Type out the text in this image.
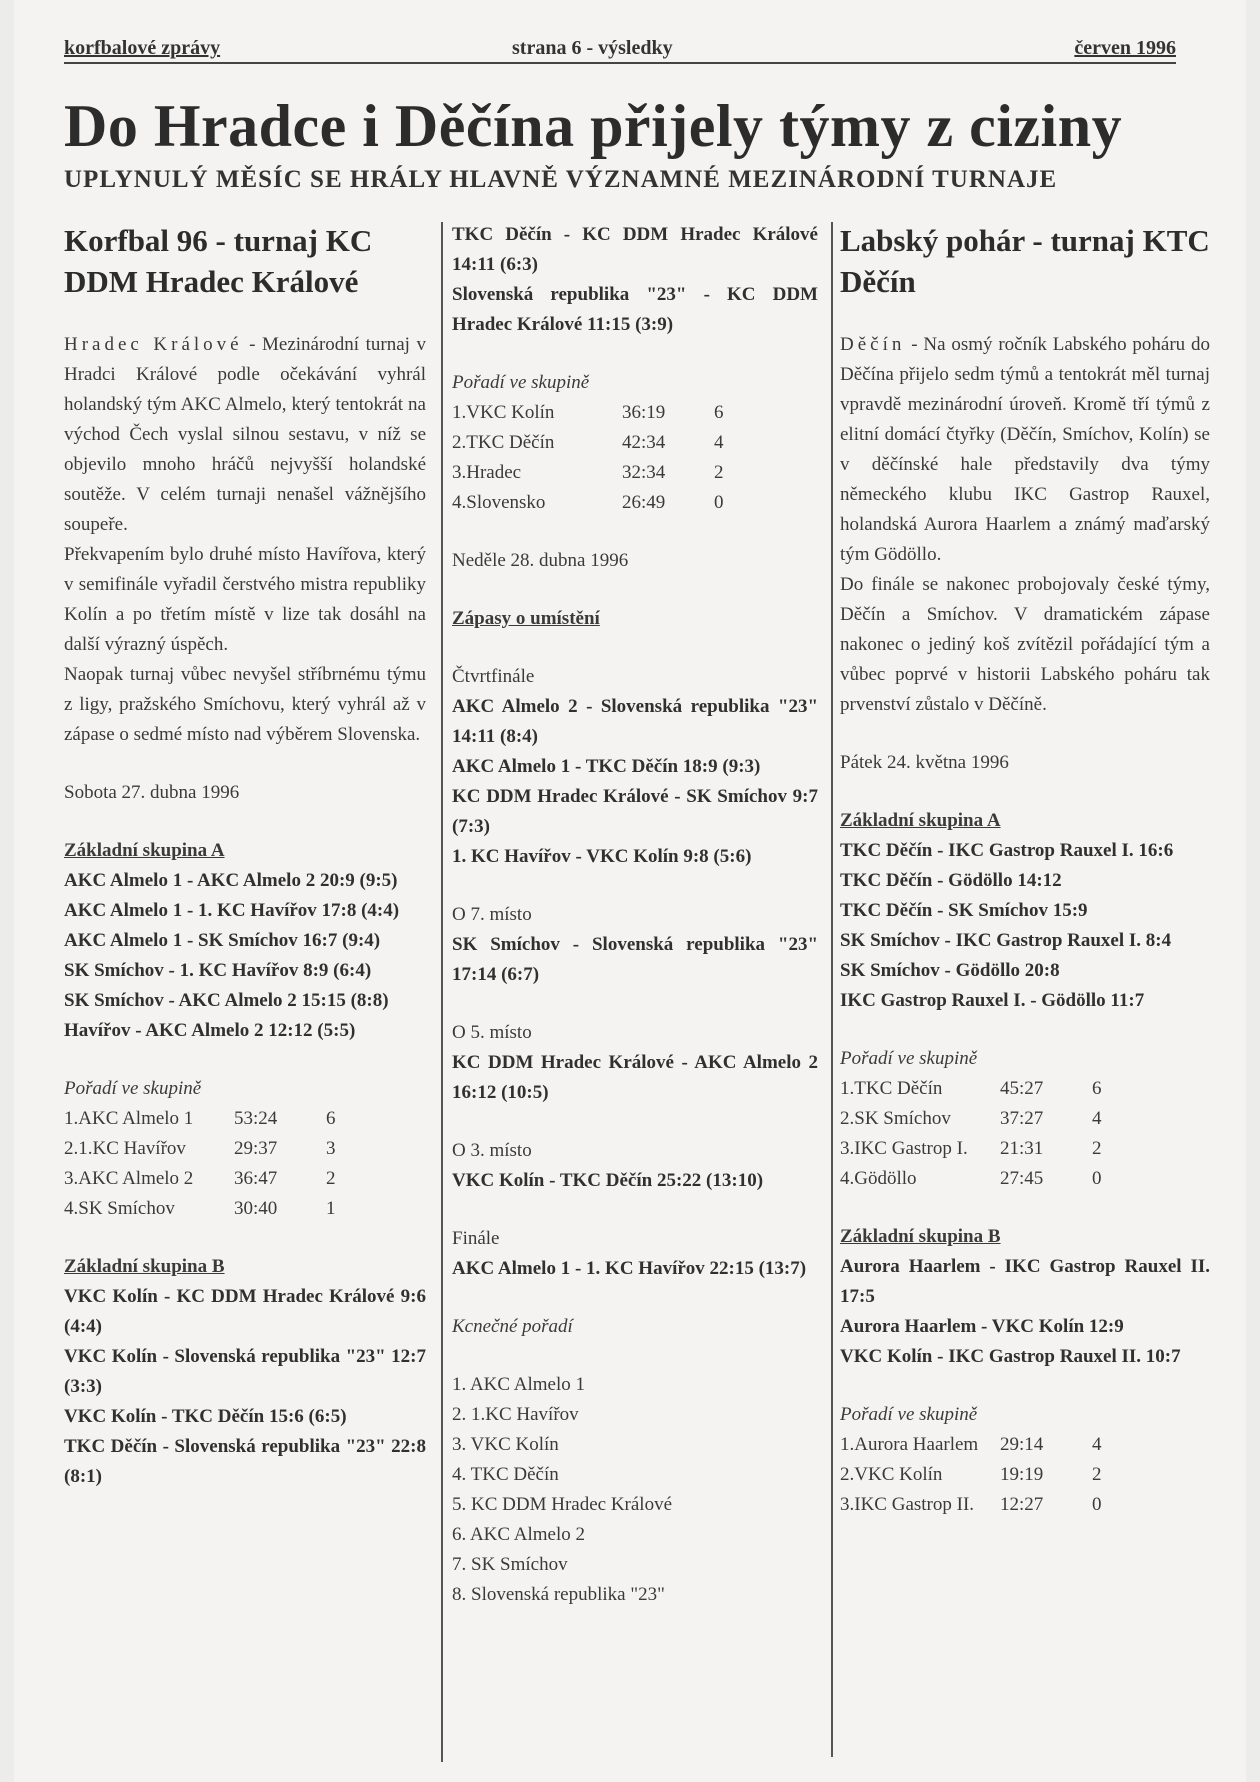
korfbalové zprávy	strana 6 - výsledky	červen 1996
Do Hradce i Děčína přijely týmy z ciziny
UPLYNULÝ MĚSÍC SE HRÁLY HLAVNĚ VÝZNAMNÉ MEZINÁRODNÍ TURNAJE
Korfbal 96 - turnaj KC DDM Hradec Králové

Hradec Králové - Mezinárodní turnaj v Hradci Králové podle očekávání vyhrál holandský tým AKC Almelo, který tentokrát na východ Čech vyslal silnou sestavu, v níž se objevilo mnoho hráčů nejvyšší holandské soutěže. V celém turnaji nenašel vážnějšího soupeře.

Překvapením bylo druhé místo Havířova, který v semifinále vyřadil čerstvého mistra republiky Kolín a po třetím místě v lize tak dosáhl na další výrazný úspěch.

Naopak turnaj vůbec nevyšel stříbrnému týmu z ligy, pražského Smíchovu, který vyhrál až v zápase o sedmé místo nad výběrem Slovenska.

Sobota 27. dubna 1996

Základní skupina A

AKC Almelo 1 - AKC Almelo 2 20:9 (9:5)

AKC Almelo 1 - 1. KC Havířov 17:8 (4:4)

AKC Almelo 1 - SK Smíchov 16:7 (9:4)

SK Smíchov - 1. KC Havířov 8:9 (6:4)

SK Smíchov - AKC Almelo 2 15:15 (8:8)

Havířov - AKC Almelo 2 12:12 (5:5)

Pořadí ve skupině

1.AKC Almelo 1	53:24	6
2.1.KC Havířov	29:37	3
3.AKC Almelo 2	36:47	2
4.SK Smíchov	30:40	1

Základní skupina B

VKC Kolín - KC DDM Hradec Králové 9:6 (4:4)

VKC Kolín - Slovenská republika "23" 12:7 (3:3)

VKC Kolín - TKC Děčín 15:6 (6:5)

TKC Děčín - Slovenská republika "23" 22:8 (8:1)

TKC Děčín - KC DDM Hradec Králové 14:11 (6:3)

Slovenská republika "23" - KC DDM Hradec Králové 11:15 (3:9)

Pořadí ve skupině

1.VKC Kolín	36:19	6
2.TKC Děčín	42:34	4
3.Hradec	32:34	2
4.Slovensko	26:49	0

Neděle 28. dubna 1996

Zápasy o umístění

Čtvrtfinále

AKC Almelo 2 - Slovenská republika "23" 14:11 (8:4)

AKC Almelo 1 - TKC Děčín 18:9 (9:3)

KC DDM Hradec Králové - SK Smíchov 9:7 (7:3)

1. KC Havířov - VKC Kolín 9:8 (5:6)

O 7. místo

SK Smíchov - Slovenská republika "23" 17:14 (6:7)

O 5. místo

KC DDM Hradec Králové - AKC Almelo 2 16:12 (10:5)

O 3. místo

VKC Kolín - TKC Děčín 25:22 (13:10)

Finále

AKC Almelo 1 - 1. KC Havířov 22:15 (13:7)

Kcnečné pořadí

1. AKC Almelo 1
2. 1.KC Havířov
3. VKC Kolín
4. TKC Děčín
5. KC DDM Hradec Králové
6. AKC Almelo 2
7. SK Smíchov
8. Slovenská republika "23"
Labský pohár - turnaj KTC Děčín

Děčín - Na osmý ročník Labského poháru do Děčína přijelo sedm týmů a tentokrát měl turnaj vpravdě mezinárodní úroveň. Kromě tří týmů z elitní domácí čtyřky (Děčín, Smíchov, Kolín) se v děčínské hale představily dva týmy německého klubu IKC Gastrop Rauxel, holandská Aurora Haarlem a známý maďarský tým Gödöllo.

Do finále se nakonec probojovaly české týmy, Děčín a Smíchov. V dramatickém zápase nakonec o jediný koš zvítězil pořádající tým a vůbec poprvé v historii Labského poháru tak prvenství zůstalo v Děčíně.

Pátek 24. května 1996

Základní skupina A

TKC Děčín - IKC Gastrop Rauxel I. 16:6

TKC Děčín - Gödöllo 14:12

TKC Děčín - SK Smíchov 15:9

SK Smíchov - IKC Gastrop Rauxel I. 8:4

SK Smíchov - Gödöllo 20:8

IKC Gastrop Rauxel I. - Gödöllo 11:7

Pořadí ve skupině

1.TKC Děčín	45:27	6
2.SK Smíchov	37:27	4
3.IKC Gastrop I.	21:31	2
4.Gödöllo	27:45	0

Základní skupina B

Aurora Haarlem - IKC Gastrop Rauxel II. 17:5

Aurora Haarlem - VKC Kolín 12:9

VKC Kolín - IKC Gastrop Rauxel II. 10:7

Pořadí ve skupině

1.Aurora Haarlem	29:14	4
2.VKC Kolín	19:19	2
3.IKC Gastrop II.	12:27	0
